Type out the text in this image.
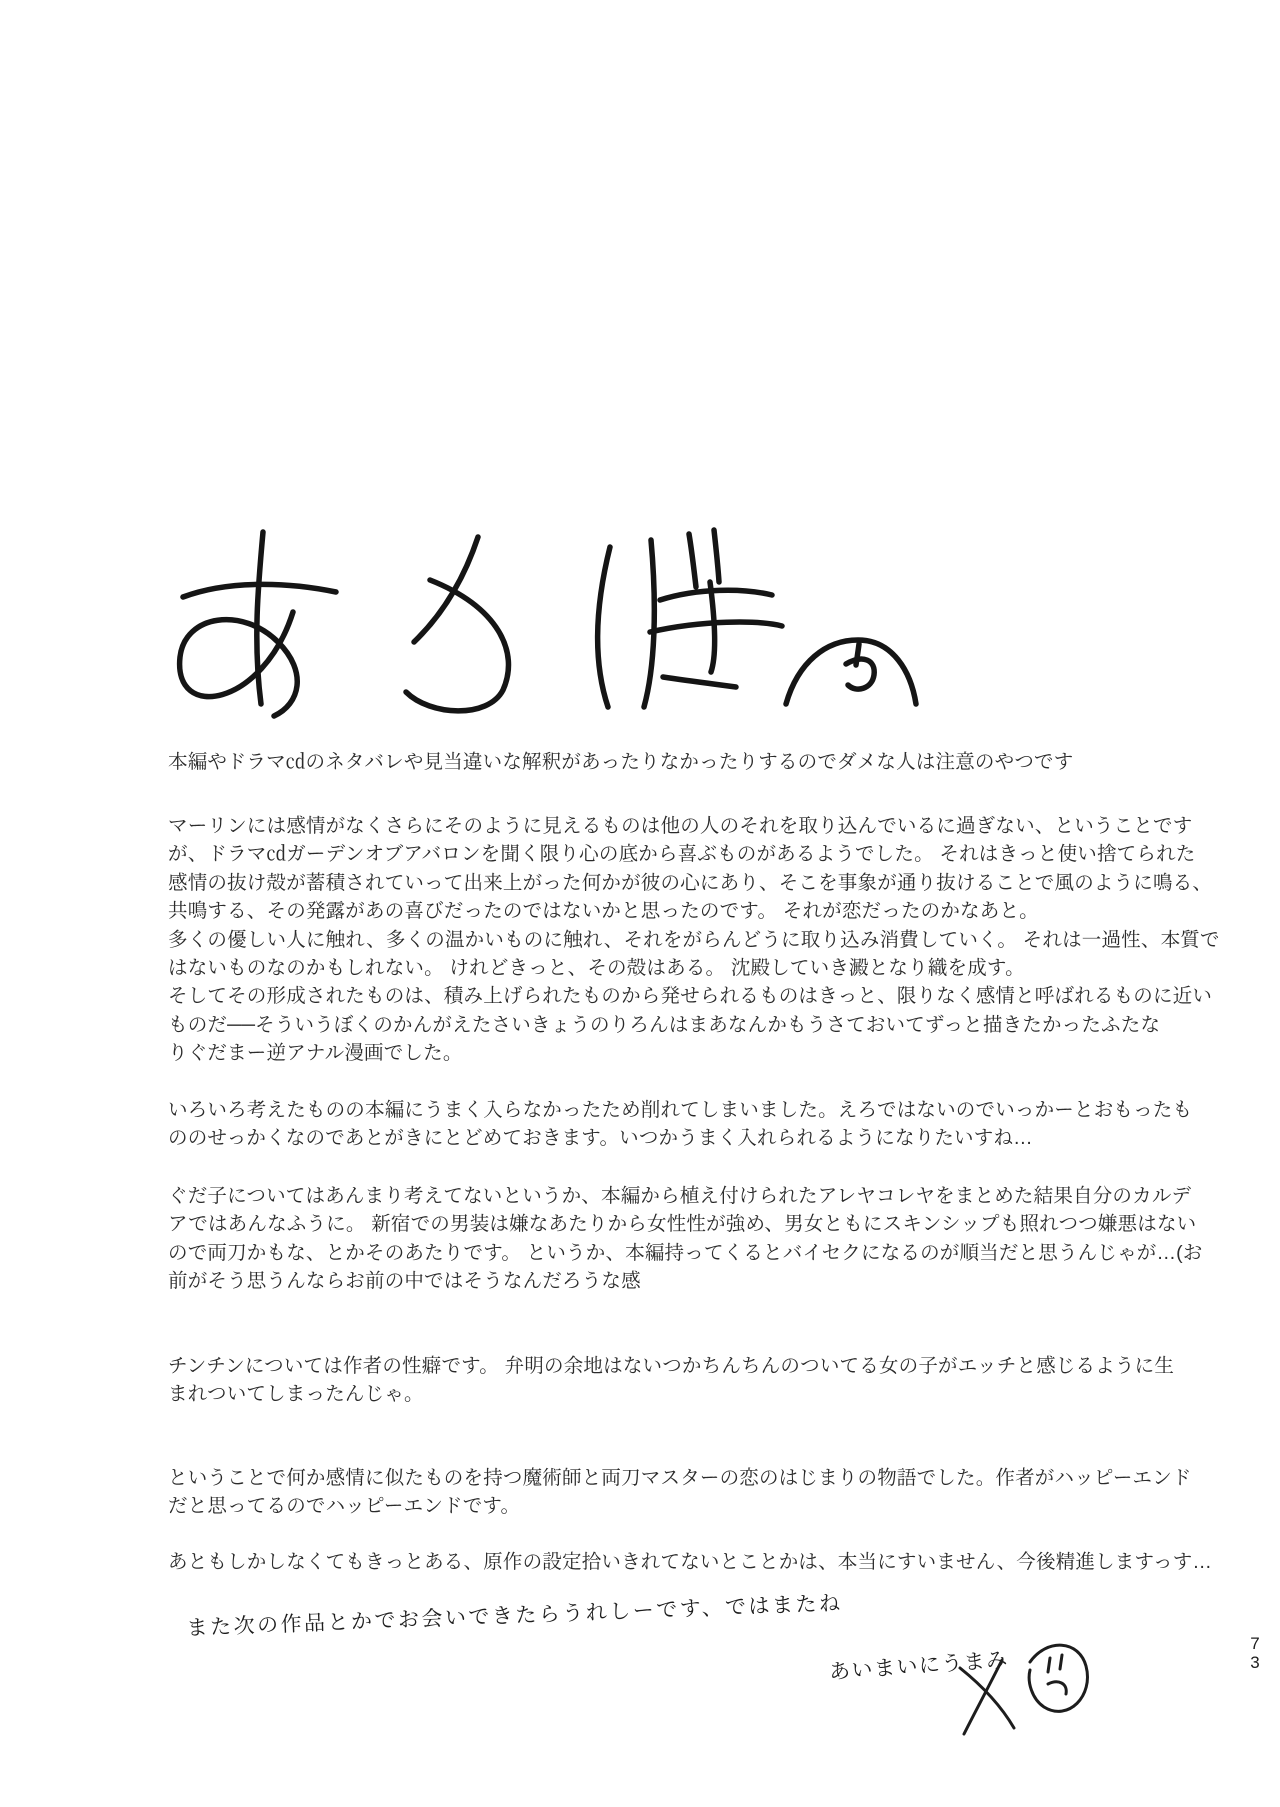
本編やドラマ㏅のネタバレや見当違いな解釈があったりなかったりするのでダメな人は注意のやつです
マーリンには感情がなくさらにそのように見えるものは他の人のそれを取り込んでいるに過ぎない、ということです
が、ドラマ㏅ガーデンオブアバロンを聞く限り心の底から喜ぶものがあるようでした。 それはきっと使い捨てられた
感情の抜け殻が蓄積されていって出来上がった何かが彼の心にあり、そこを事象が通り抜けることで風のように鳴る、
共鳴する、その発露があの喜びだったのではないかと思ったのです。 それが恋だったのかなあと。
多くの優しい人に触れ、多くの温かいものに触れ、それをがらんどうに取り込み消費していく。 それは一過性、本質で
はないものなのかもしれない。 けれどきっと、その殻はある。 沈殿していき澱となり織を成す。
そしてその形成されたものは、積み上げられたものから発せられるものはきっと、限りなく感情と呼ばれるものに近い
ものだ──そういうぼくのかんがえたさいきょうのりろんはまあなんかもうさておいてずっと描きたかったふたな
りぐだまー逆アナル漫画でした。
いろいろ考えたものの本編にうまく入らなかったため削れてしまいました。えろではないのでいっかーとおもったも
ののせっかくなのであとがきにとどめておきます。いつかうまく入れられるようになりたいすね…
ぐだ子についてはあんまり考えてないというか、本編から植え付けられたアレヤコレヤをまとめた結果自分のカルデ
アではあんなふうに。 新宿での男装は嫌なあたりから女性性が強め、男女ともにスキンシップも照れつつ嫌悪はない
ので両刀かもな、とかそのあたりです。 というか、本編持ってくるとバイセクになるのが順当だと思うんじゃが…(お
前がそう思うんならお前の中ではそうなんだろうな感
チンチンについては作者の性癖です。 弁明の余地はないつかちんちんのついてる女の子がエッチと感じるように生
まれついてしまったんじゃ。
ということで何か感情に似たものを持つ魔術師と両刀マスターの恋のはじまりの物語でした。作者がハッピーエンド
だと思ってるのでハッピーエンドです。
あともしかしなくてもきっとある、原作の設定拾いきれてないとことかは、本当にすいません、今後精進しますっす…
また次の作品とかでお会いできたらうれしーです、ではまたね
あいまいにうまみ
7
3
